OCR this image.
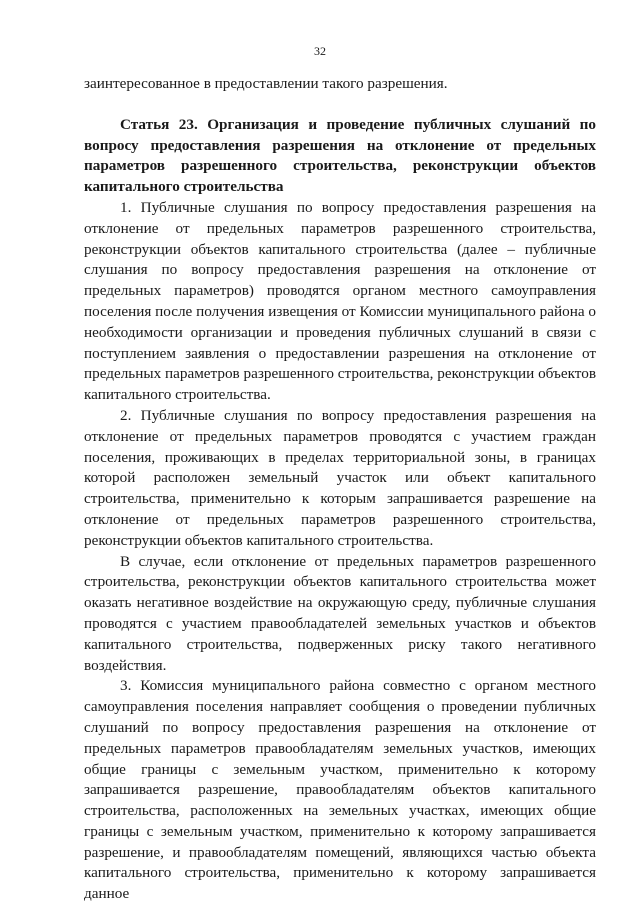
32

заинтересованное в предоставлении такого разрешения.

Статья 23. Организация и проведение публичных слушаний по вопросу предоставления разрешения на отклонение от предельных параметров разрешенного строительства, реконструкции объектов капитального строительства

1. Публичные слушания по вопросу предоставления разрешения на отклонение от предельных параметров разрешенного строительства, реконструкции объектов капитального строительства (далее – публичные слушания по вопросу предоставления разрешения на отклонение от предельных параметров) проводятся органом местного самоуправления поселения после получения извещения от Комиссии муниципального района о необходимости организации и проведения публичных слушаний в связи с поступлением заявления о предоставлении разрешения на отклонение от предельных параметров разрешенного строительства, реконструкции объектов капитального строительства.

2. Публичные слушания по вопросу предоставления разрешения на отклонение от предельных параметров проводятся с участием граждан поселения, проживающих в пределах территориальной зоны, в границах которой расположен земельный участок или объект капитального строительства, применительно к которым запрашивается разрешение на отклонение от предельных параметров разрешенного строительства, реконструкции объектов капитального строительства.

В случае, если отклонение от предельных параметров разрешенного строительства, реконструкции объектов капитального строительства может оказать негативное воздействие на окружающую среду, публичные слушания проводятся с участием правообладателей земельных участков и объектов капитального строительства, подверженных риску такого негативного воздействия.

3. Комиссия муниципального района совместно с органом местного самоуправления поселения направляет сообщения о проведении публичных слушаний по вопросу предоставления разрешения на отклонение от предельных параметров правообладателям земельных участков, имеющих общие границы с земельным участком, применительно к которому запрашивается разрешение, правообладателям объектов капитального строительства, расположенных на земельных участках, имеющих общие границы с земельным участком, применительно к которому запрашивается разрешение, и правообладателям помещений, являющихся частью объекта капитального строительства, применительно к которому запрашивается данное
